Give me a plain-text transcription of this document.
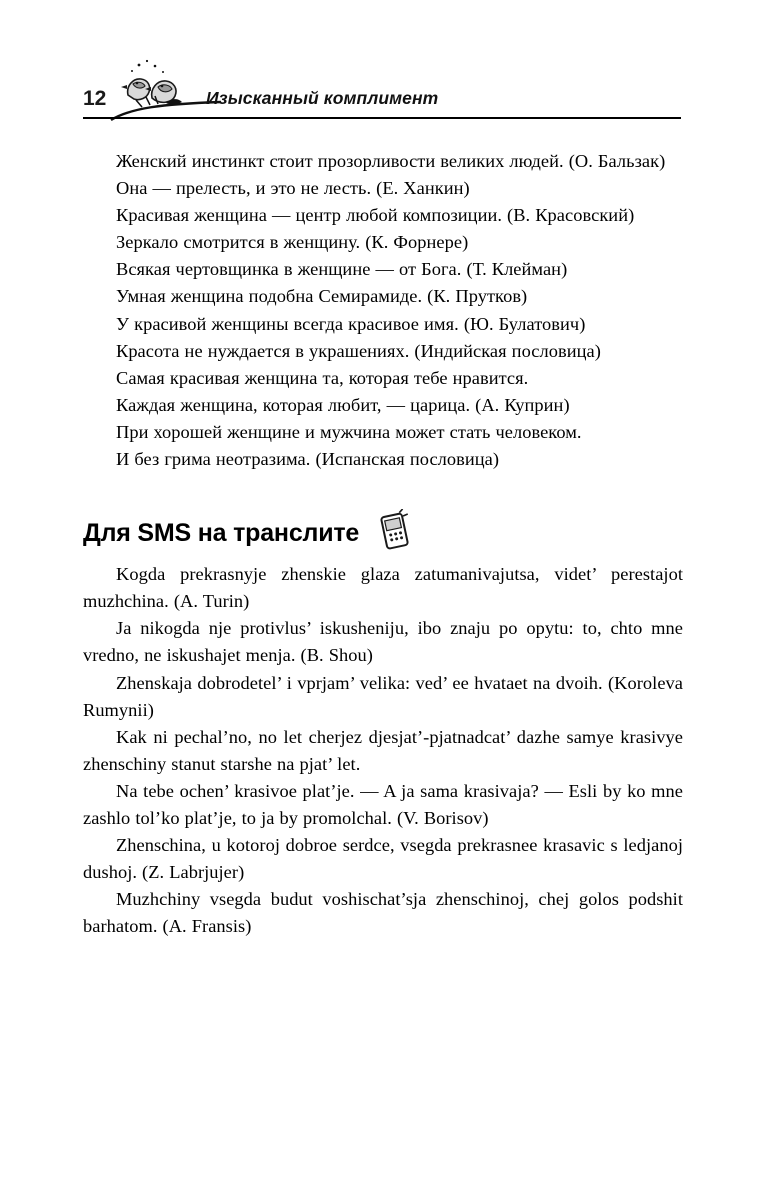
12	Изысканный комплимент

Женский инстинкт стоит прозорливости великих людей. (О. Бальзак)

Она — прелесть, и это не лесть. (Е. Ханкин)

Красивая женщина — центр любой композиции. (В. Красовский)

Зеркало смотрится в женщину. (К. Форнере)

Всякая чертовщинка в женщине — от Бога. (Т. Клейман)

Умная женщина подобна Семирамиде. (К. Прутков)

У красивой женщины всегда красивое имя. (Ю. Булатович)

Красота не нуждается в украшениях. (Индийская пословица)

Самая красивая женщина та, которая тебе нравится.

Каждая женщина, которая любит, — царица. (А. Куприн)

При хорошей женщине и мужчина может стать человеком.

И без грима неотразима. (Испанская пословица)

Для SMS на транслите

Kogda prekrasnyje zhenskie glaza zatumanivajutsa, videt’ perestajot muzhchina. (A. Turin)

Ja nikogda nje protivlus’ iskusheniju, ibo znaju po opytu: to, chto mne vredno, ne iskushajet menja. (B. Shou)

Zhenskaja dobrodetel’ i vprjam’ velika: ved’ ee hvataet na dvoih. (Koroleva Rumynii)

Kak ni pechal’no, no let cherjez djesjat’-pjatnadcat’ dazhe samye krasivye zhenschiny stanut starshe na pjat’ let.

Na tebe ochen’ krasivoe plat’je. — A ja sama krasivaja? — Esli by ko mne zashlo tol’ko plat’je, to ja by promolchal. (V. Borisov)

Zhenschina, u kotoroj dobroe serdce, vsegda prekrasnee krasavic s ledjanoj dushoj. (Z. Labrjujer)

Muzhchiny vsegda budut voshischat’sja zhenschinoj, chej golos podshit barhatom. (A. Fransis)
